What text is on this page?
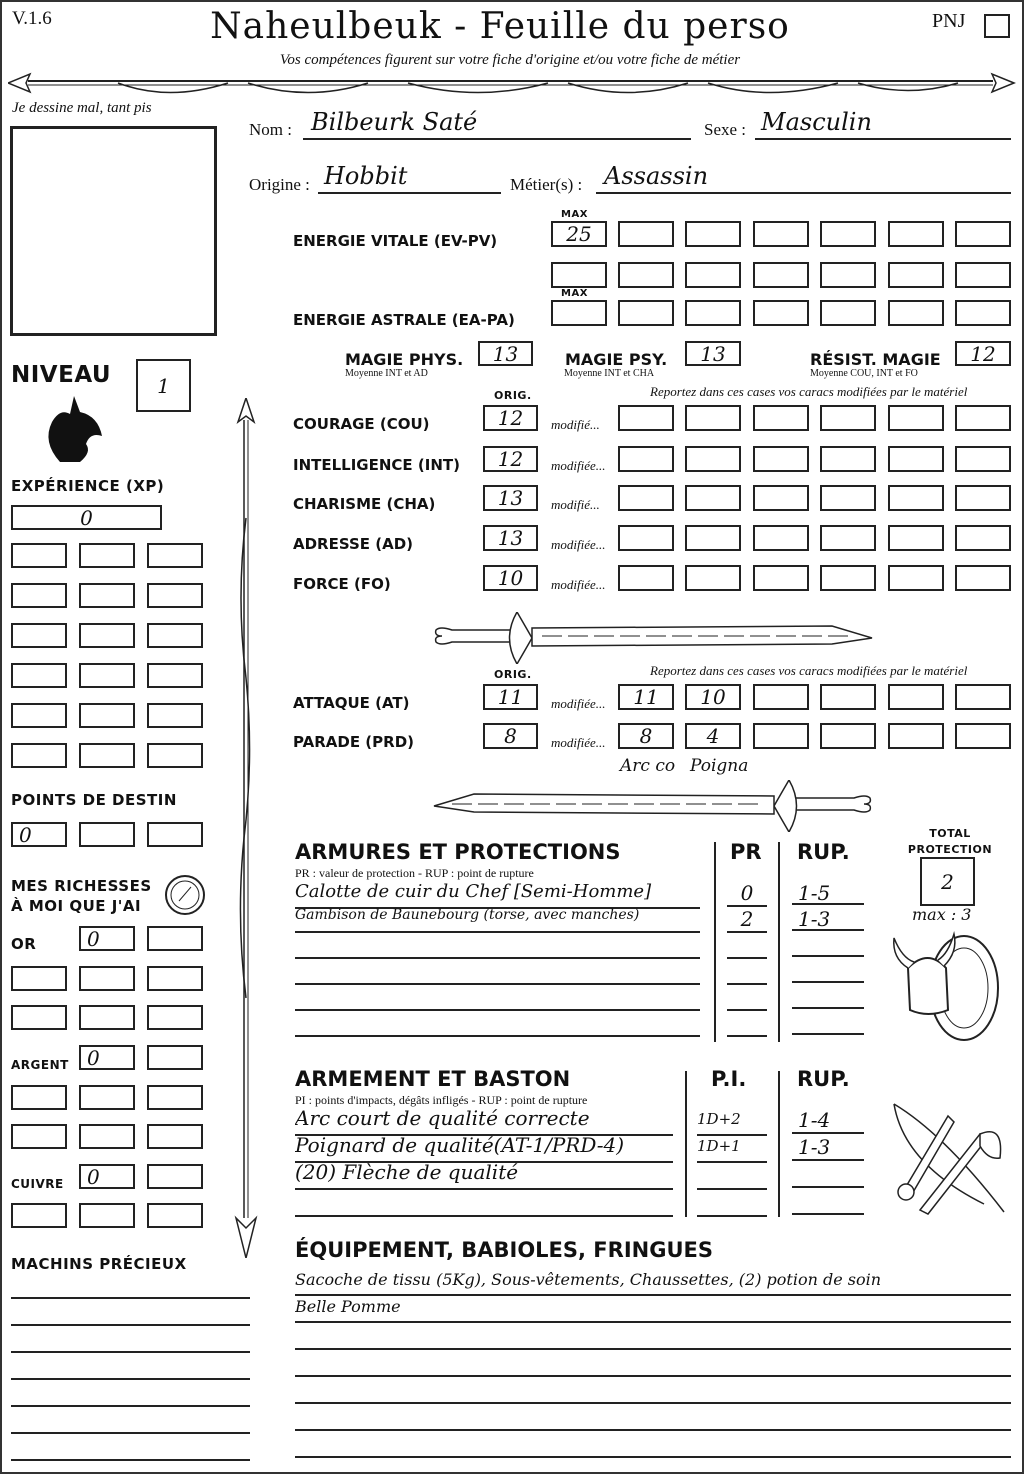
V.1.6	Naheulbeuk - Feuille du perso	PNJ
Vos compétences figurent sur votre fiche d'origine et/ou votre fiche de métier
Je dessine mal, tant pis
Nom : Bilbeurk Saté	Sexe : Masculin
Origine : Hobbit	Métier(s) : Assassin
MAX
ENERGIE VITALE (EV-PV)
MAX
ENERGIE ASTRALE (EA-PA)
MAGIE PHYS.
Moyenne INT et AD
13	MAGIE PSY.
Moyenne INT et CHA
13	RÉSIST. MAGIE
Moyenne COU, INT et FO
12
ORIG.	Reportez dans ces cases vos caracs modifiées par le matériel
ORIG.	Reportez dans ces cases vos caracs modifiées par le matériel
Arc co Poigna
NIVEAU	1
EXPÉRIENCE (XP)
0
POINTS DE DESTIN
MES RICHESSES
À MOI QUE J'AI
OR
ARGENT
CUIVRE
MACHINS PRÉCIEUX
ARMURES ET PROTECTIONS
PR : valeur de protection - RUP : point de rupture
PR RUP.
TOTAL
PROTECTION
2
max : 3
ARMEMENT ET BASTON
PI : points d'impacts, dégâts infligés - RUP : point de rupture
P.I. RUP.
ÉQUIPEMENT, BABIOLES, FRINGUES
25
COURAGE (COU)	12	modifié...
INTELLIGENCE (INT)	12	modifiée...
CHARISME (CHA)	13	modifié...
ADRESSE (AD)	13	modifiée...
FORCE (FO)	10	modifiée...
ATTAQUE (AT)	11	modifiée...	11	10
PARADE (PRD)	8	modifiée...	8	4
0
0
0
0
Calotte de cuir du Chef [Semi-Homme]	0	1-5
Gambison de Baunebourg (torse, avec manches)	2	1-3
Arc court de qualité correcte	1D+2	1-4
Poignard de qualité(AT-1/PRD-4)	1D+1	1-3
(20) Flèche de qualité
Sacoche de tissu (5Kg), Sous-vêtements, Chaussettes, (2) potion de soin
Belle Pomme
